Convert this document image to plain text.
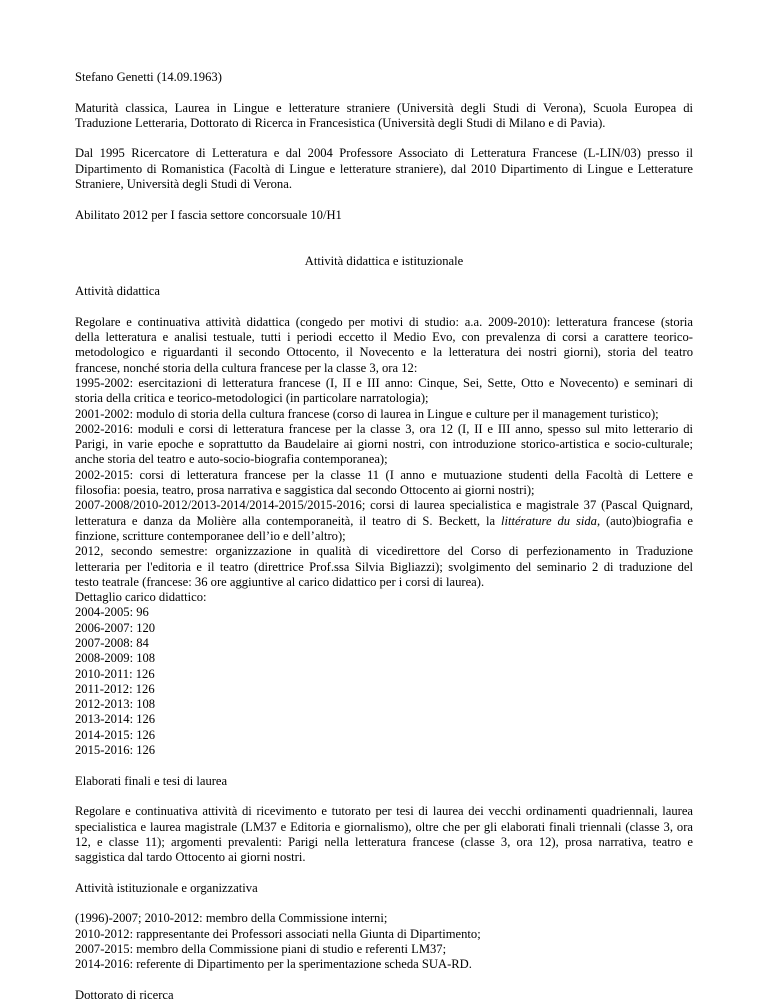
Stefano Genetti (14.09.1963)

Maturità classica, Laurea in Lingue e letterature straniere (Università degli Studi di Verona), Scuola Europea di
Traduzione Letteraria, Dottorato di Ricerca in Francesistica (Università degli Studi di Milano e di Pavia).

Dal 1995 Ricercatore di Letteratura e dal 2004 Professore Associato di Letteratura Francese (L-LIN/03) presso il
Dipartimento di Romanistica (Facoltà di Lingue e letterature straniere), dal 2010 Dipartimento di Lingue e Letterature
Straniere, Università degli Studi di Verona.

Abilitato 2012 per I fascia settore concorsuale 10/H1

Attività didattica e istituzionale

Attività didattica

Regolare e continuativa attività didattica (congedo per motivi di studio: a.a. 2009-2010): letteratura francese (storia
della letteratura e analisi testuale, tutti i periodi eccetto il Medio Evo, con prevalenza di corsi a carattere teorico-
metodologico e riguardanti il secondo Ottocento, il Novecento e la letteratura dei nostri giorni), storia del teatro
francese, nonché storia della cultura francese per la classe 3, ora 12:
1995-2002: esercitazioni di letteratura francese (I, II e III anno: Cinque, Sei, Sette, Otto e Novecento) e seminari di
storia della critica e teorico-metodologici (in particolare narratologia);
2001-2002: modulo di storia della cultura francese (corso di laurea in Lingue e culture per il management turistico);
2002-2016: moduli e corsi di letteratura francese per la classe 3, ora 12 (I, II e III anno, spesso sul mito letterario di
Parigi, in varie epoche e soprattutto da Baudelaire ai giorni nostri, con introduzione storico-artistica e socio-culturale;
anche storia del teatro e auto-socio-biografia contemporanea);
2002-2015: corsi di letteratura francese per la classe 11 (I anno e mutuazione studenti della Facoltà di Lettere e
filosofia: poesia, teatro, prosa narrativa e saggistica dal secondo Ottocento ai giorni nostri);
2007-2008/2010-2012/2013-2014/2014-2015/2015-2016; corsi di laurea specialistica e magistrale 37 (Pascal Quignard,
letteratura e danza da Molière alla contemporaneità, il teatro di S. Beckett, la littérature du sida, (auto)biografia e
finzione, scritture contemporanee dell’io e dell’altro);
2012, secondo semestre: organizzazione in qualità di vicedirettore del Corso di perfezionamento in Traduzione
letteraria per l'editoria e il teatro (direttrice Prof.ssa Silvia Bigliazzi); svolgimento del seminario 2 di traduzione del
testo teatrale (francese: 36 ore aggiuntive al carico didattico per i corsi di laurea).
Dettaglio carico didattico:
2004-2005: 96
2006-2007: 120
2007-2008: 84
2008-2009: 108
2010-2011: 126
2011-2012: 126
2012-2013: 108
2013-2014: 126
2014-2015: 126
2015-2016: 126

Elaborati finali e tesi di laurea

Regolare e continuativa attività di ricevimento e tutorato per tesi di laurea dei vecchi ordinamenti quadriennali, laurea
specialistica e laurea magistrale (LM37 e Editoria e giornalismo), oltre che per gli elaborati finali triennali (classe 3, ora
12, e classe 11); argomenti prevalenti: Parigi nella letteratura francese (classe 3, ora 12), prosa narrativa, teatro e
saggistica dal tardo Ottocento ai giorni nostri.

Attività istituzionale e organizzativa

(1996)-2007; 2010-2012: membro della Commissione interni;
2010-2012: rappresentante dei Professori associati nella Giunta di Dipartimento;
2007-2015: membro della Commissione piani di studio e referenti LM37;
2014-2016: referente di Dipartimento per la sperimentazione scheda SUA-RD.

Dottorato di ricerca
